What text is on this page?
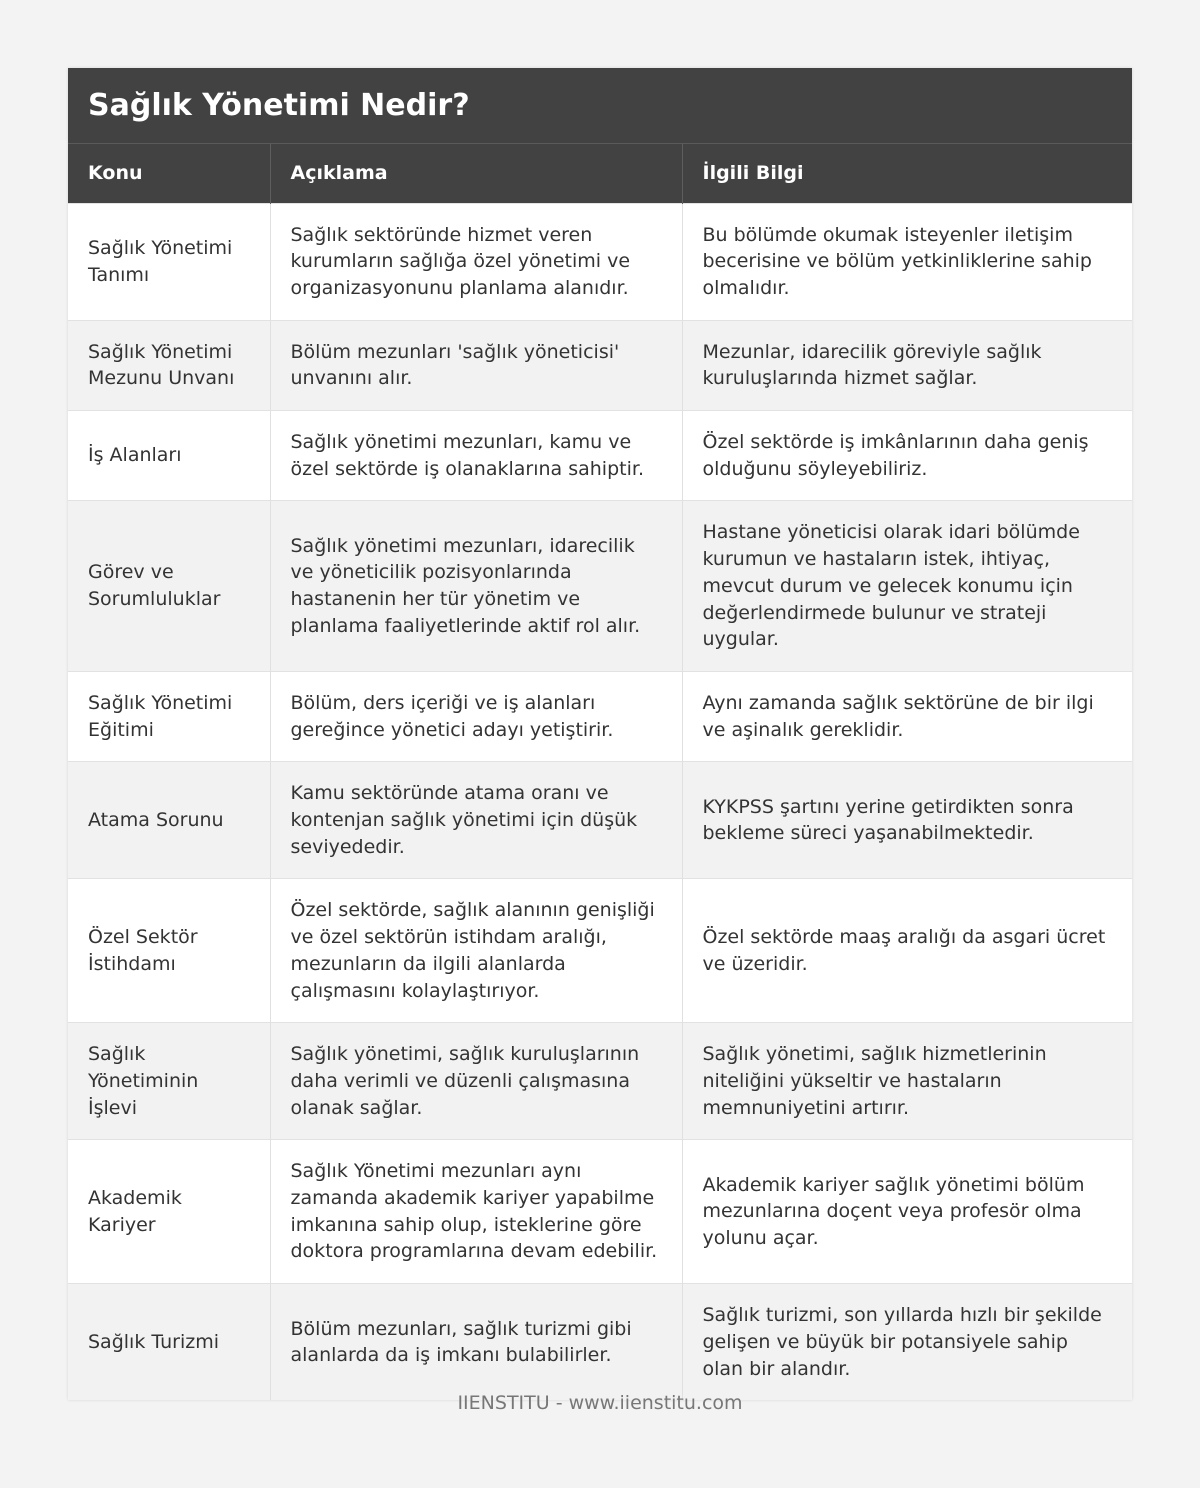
Sağlık Yönetimi Nedir?
Konu	Açıklama	İlgili Bilgi
Sağlık Yönetimi Tanımı	Sağlık sektöründe hizmet veren kurumların sağlığa özel yönetimi ve organizasyonunu planlama alanıdır.	Bu bölümde okumak isteyenler iletişim becerisine ve bölüm yetkinliklerine sahip olmalıdır.
Sağlık Yönetimi Mezunu Unvanı	Bölüm mezunları 'sağlık yöneticisi' unvanını alır.	Mezunlar, idarecilik göreviyle sağlık kuruluşlarında hizmet sağlar.
İş Alanları	Sağlık yönetimi mezunları, kamu ve özel sektörde iş olanaklarına sahiptir.	Özel sektörde iş imkânlarının daha geniş olduğunu söyleyebiliriz.
Görev ve Sorumluluklar	Sağlık yönetimi mezunları, idarecilik ve yöneticilik pozisyonlarında hastanenin her tür yönetim ve planlama faaliyetlerinde aktif rol alır.	Hastane yöneticisi olarak idari bölümde kurumun ve hastaların istek, ihtiyaç, mevcut durum ve gelecek konumu için değerlendirmede bulunur ve strateji uygular.
Sağlık Yönetimi Eğitimi	Bölüm, ders içeriği ve iş alanları gereğince yönetici adayı yetiştirir.	Aynı zamanda sağlık sektörüne de bir ilgi ve aşinalık gereklidir.
Atama Sorunu	Kamu sektöründe atama oranı ve kontenjan sağlık yönetimi için düşük seviyededir.	KYKPSS şartını yerine getirdikten sonra bekleme süreci yaşanabilmektedir.
Özel Sektör İstihdamı	Özel sektörde, sağlık alanının genişliği ve özel sektörün istihdam aralığı, mezunların da ilgili alanlarda çalışmasını kolaylaştırıyor.	Özel sektörde maaş aralığı da asgari ücret ve üzeridir.
Sağlık Yönetiminin İşlevi	Sağlık yönetimi, sağlık kuruluşlarının daha verimli ve düzenli çalışmasına olanak sağlar.	Sağlık yönetimi, sağlık hizmetlerinin niteliğini yükseltir ve hastaların memnuniyetini artırır.
Akademik Kariyer	Sağlık Yönetimi mezunları aynı zamanda akademik kariyer yapabilme imkanına sahip olup, isteklerine göre doktora programlarına devam edebilir.	Akademik kariyer sağlık yönetimi bölüm mezunlarına doçent veya profesör olma yolunu açar.
Sağlık Turizmi	Bölüm mezunları, sağlık turizmi gibi alanlarda da iş imkanı bulabilirler.	Sağlık turizmi, son yıllarda hızlı bir şekilde gelişen ve büyük bir potansiyele sahip olan bir alandır.
IIENSTITU - www.iienstitu.com
